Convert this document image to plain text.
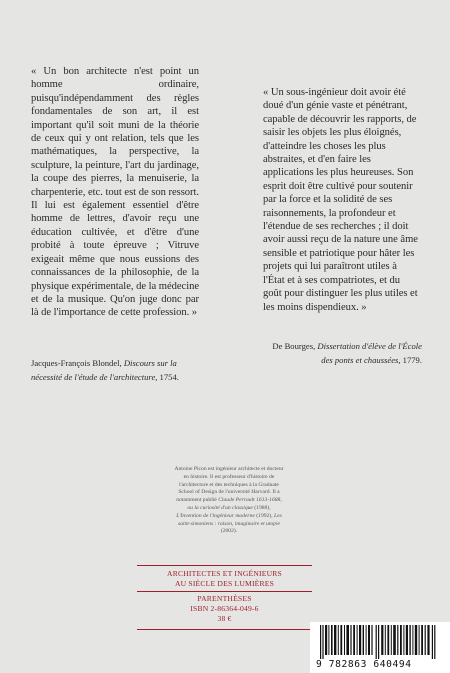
« Un bon architecte n'est point un homme ordinaire, puisqu'indépendamment des règles fondamentales de son art, il est important qu'il soit muni de la théorie de ceux qui y ont relation, tels que les mathématiques, la perspective, la sculpture, la peinture, l'art du jardinage, la coupe des pierres, la menuiserie, la charpenterie, etc. tout est de son ressort. Il lui est également essentiel d'être homme de lettres, d'avoir reçu une éducation cultivée, et d'être d'une probité à toute épreuve ; Vitruve exigeait même que nous eussions des connaissances de la philosophie, de la physique expérimentale, de la médecine et de la musique. Qu'on juge donc par là de l'importance de cette profession. »

Jacques-François Blondel, Discours sur la nécessité de l'étude de l'architecture, 1754.

« Un sous-ingénieur doit avoir été doué d'un génie vaste et pénétrant, capable de découvrir les rapports, de saisir les objets les plus éloignés, d'atteindre les choses les plus abstraites, et d'en faire les applications les plus heureuses. Son esprit doit être cultivé pour soutenir par la force et la solidité de ses raisonnements, la profondeur et l'étendue de ses recherches ; il doit avoir aussi reçu de la nature une âme sensible et patriotique pour hâter les projets qui lui paraîtront utiles à l'État et à ses compatriotes, et du goût pour distinguer les plus utiles et les moins dispendieux. »

De Bourges, Dissertation d'élève de l'École des ponts et chaussées, 1779.
Antoine Picon est ingénieur architecte et docteur en histoire. Il est professeur d'histoire de l'architecture et des techniques à la Graduate School of Design de l'université Harvard. Il a notamment publié Claude Perrault 1613-1688, ou la curiosité d'un classique (1988), L'Invention de l'ingénieur moderne (1992), Les saint-simoniens : raison, imaginaire et utopie (2002).
ARCHITECTES ET INGÉNIEURS
AU SIÈCLE DES LUMIÈRES
PARENTHÈSES
ISBN 2-86364-049-6
38 €
9 782863 640494
